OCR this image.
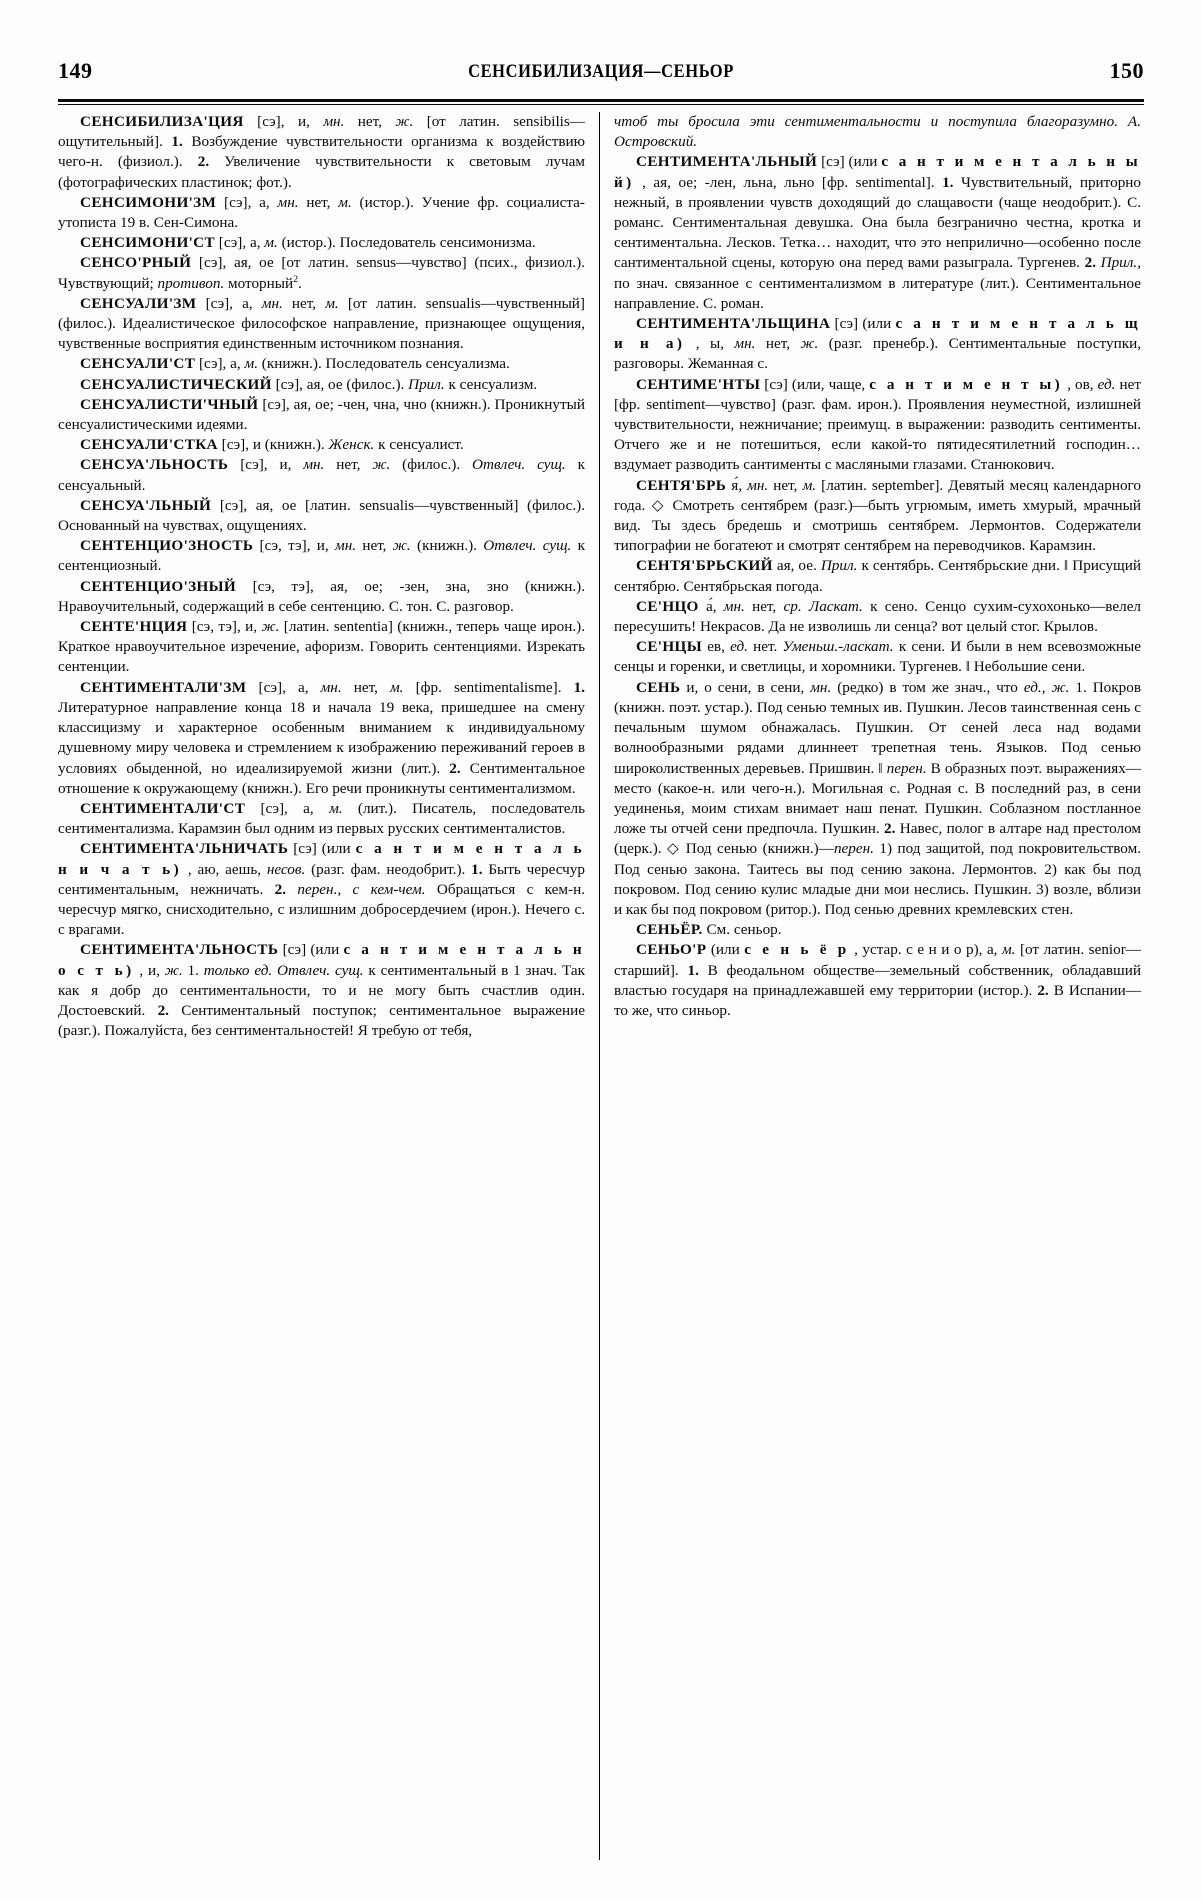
149	СЕНСИБИЛИЗАЦИЯ—СЕНЬОР	150

СЕНСИБИЛИЗА'ЦИЯ [сэ], и, мн. нет, ж. [от латин. sensibilis—ощутительный]. 1. Возбуждение чувствительности организма к воздействию чего-н. (физиол.). 2. Увеличение чувствительности к световым лучам (фотографических пластинок; фот.).

СЕНСИМОНИ'ЗМ [сэ], а, мн. нет, м. (истор.). Учение фр. социалиста-утописта 19 в. Сен-Симона.

СЕНСИМОНИ'СТ [сэ], а, м. (истор.). Последователь сенсимонизма.

СЕНСО'РНЫЙ [сэ], ая, ое [от латин. sensus—чувство] (псих., физиол.). Чувствующий; противоп. моторный$^2$.

СЕНСУАЛИ'ЗМ [сэ], а, мн. нет, м. [от латин. sensualis—чувственный] (филос.). Идеалистическое философское направление, признающее ощущения, чувственные восприятия единственным источником познания.

СЕНСУАЛИ'СТ [сэ], а, м. (книжн.). Последователь сенсуализма.

СЕНСУАЛИСТИЧЕСКИЙ [сэ], ая, ое (филос.). Прил. к сенсуализм.

СЕНСУАЛИСТИ'ЧНЫЙ [сэ], ая, ое; -чен, чна, чно (книжн.). Проникнутый сенсуалистическими идеями.

СЕНСУАЛИ'СТКА [сэ], и (книжн.). Женск. к сенсуалист.

СЕНСУА'ЛЬНОСТЬ [сэ], и, мн. нет, ж. (филос.). Отвлеч. сущ. к сенсуальный.

СЕНСУА'ЛЬНЫЙ [сэ], ая, ое [латин. sensualis—чувственный] (филос.). Основанный на чувствах, ощущениях.

СЕНТЕНЦИО'ЗНОСТЬ [сэ, тэ], и, мн. нет, ж. (книжн.). Отвлеч. сущ. к сентенциозный.

СЕНТЕНЦИО'ЗНЫЙ [сэ, тэ], ая, ое; -зен, зна, зно (книжн.). Нравоучительный, содержащий в себе сентенцию. С. тон. С. разговор.

СЕНТЕ'НЦИЯ [сэ, тэ], и, ж. [латин. sententia] (книжн., теперь чаще ирон.). Краткое нравоучительное изречение, афоризм. Говорить сентенциями. Изрекать сентенции.

СЕНТИМЕНТАЛИ'ЗМ [сэ], а, мн. нет, м. [фр. sentimentalisme]. 1. Литературное направление конца 18 и начала 19 века, пришедшее на смену классицизму и характерное особенным вниманием к индивидуальному душевному миру человека и стремлением к изображению переживаний героев в условиях обыденной, но идеализируемой жизни (лит.). 2. Сентиментальное отношение к окружающему (книжн.). Его речи проникнуты сентиментализмом.

СЕНТИМЕНТАЛИ'СТ [сэ], а, м. (лит.). Писатель, последователь сентиментализма. Карамзин был одним из первых русских сентименталистов.

СЕНТИМЕНТА'ЛЬНИЧАТЬ [сэ] (или с а н т и м е н т а л ь н и ч а т ь) , аю, аешь, несов. (разг. фам. неодобрит.). 1. Быть чересчур сентиментальным, нежничать. 2. перен., с кем-чем. Обращаться с кем-н. чересчур мягко, снисходительно, с излишним добросердечием (ирон.). Нечего с. с врагами.

СЕНТИМЕНТА'ЛЬНОСТЬ [сэ] (или с а н т и м е н т а л ь н о с т ь) , и, ж. 1. только ед. Отвлеч. сущ. к сентиментальный в 1 знач. Так как я добр до сентиментальности, то и не могу быть счастлив один. Достоевский. 2. Сентиментальный поступок; сентиментальное выражение (разг.). Пожалуйста, без сентиментальностей! Я требую от тебя,

чтоб ты бросила эти сентиментальности и поступила благоразумно. А. Островский.

СЕНТИМЕНТА'ЛЬНЫЙ [сэ] (или с а н т и м е н т а л ь н ы й) , ая, ое; -лен, льна, льно [фр. sentimental]. 1. Чувствительный, приторно нежный, в проявлении чувств доходящий до слащавости (чаще неодобрит.). С. романс. Сентиментальная девушка. Она была безгранично честна, кротка и сентиментальна. Лесков. Тетка… находит, что это неприлично—особенно после сантиментальной сцены, которую она перед вами разыграла. Тургенев. 2. Прил., по знач. связанное с сентиментализмом в литературе (лит.). Сентиментальное направление. С. роман.

СЕНТИМЕНТА'ЛЬЩИНА [сэ] (или с а н т и м е н т а л ь щ и н а) , ы, мн. нет, ж. (разг. пренебр.). Сентиментальные поступки, разговоры. Жеманная с.

СЕНТИМЕ'НТЫ [сэ] (или, чаще, с а н т и м е н т ы) , ов, ед. нет [фр. sentiment—чувство] (разг. фам. ирон.). Проявления неуместной, излишней чувствительности, нежничание; преимущ. в выражении: разводить сентименты. Отчего же и не потешиться, если какой-то пятидесятилетний господин… вздумает разводить сантименты с масляными глазами. Станюкович.

СЕНТЯ'БРЬ я́, мн. нет, м. [латин. september]. Девятый месяц календарного года. ◇ Смотреть сентябрем (разг.)—быть угрюмым, иметь хмурый, мрачный вид. Ты здесь бредешь и смотришь сентябрем. Лермонтов. Содержатели типографии не богатеют и смотрят сентябрем на переводчиков. Карамзин.

СЕНТЯ'БРЬСКИЙ ая, ое. Прил. к сентябрь. Сентябрьские дни. ‖ Присущий сентябрю. Сентябрьская погода.

СЕ'НЦО а́, мн. нет, ср. Ласкат. к сено. Сенцо сухим-сухохонько—велел пересушить! Некрасов. Да не изволишь ли сенца? вот целый стог. Крылов.

СЕ'НЦЫ ев, ед. нет. Уменьш.-ласкат. к сени. И были в нем всевозможные сенцы и горенки, и светлицы, и хоромники. Тургенев. ‖ Небольшие сени.

СЕНЬ и, о сени, в сени, мн. (редко) в том же знач., что ед., ж. 1. Покров (книжн. поэт. устар.). Под сенью темных ив. Пушкин. Лесов таинственная сень с печальным шумом обнажалась. Пушкин. От сеней леса над водами волнообразными рядами длиннеет трепетная тень. Языков. Под сенью широколиственных деревьев. Пришвин. ‖ перен. В образных поэт. выражениях—место (какое-н. или чего-н.). Могильная с. Родная с. В последний раз, в сени уединенья, моим стихам внимает наш пенат. Пушкин. Соблазном постланное ложе ты отчей сени предпочла. Пушкин. 2. Навес, полог в алтаре над престолом (церк.). ◇ Под сенью (книжн.)—перен. 1) под защитой, под покровительством. Под сенью закона. Таитесь вы под сению закона. Лермонтов. 2) как бы под покровом. Под сению кулис младые дни мои неслись. Пушкин. 3) возле, вблизи и как бы под покровом (ритор.). Под сенью древних кремлевских стен.

СЕНЬЁР. См. сеньор.

СЕНЬО'Р (или с е н ь ё р , устар. с е н и о р), а, м. [от латин. senior—старший]. 1. В феодальном обществе—земельный собственник, обладавший властью государя на принадлежавшей ему территории (истор.). 2. В Испании—то же, что синьор.
